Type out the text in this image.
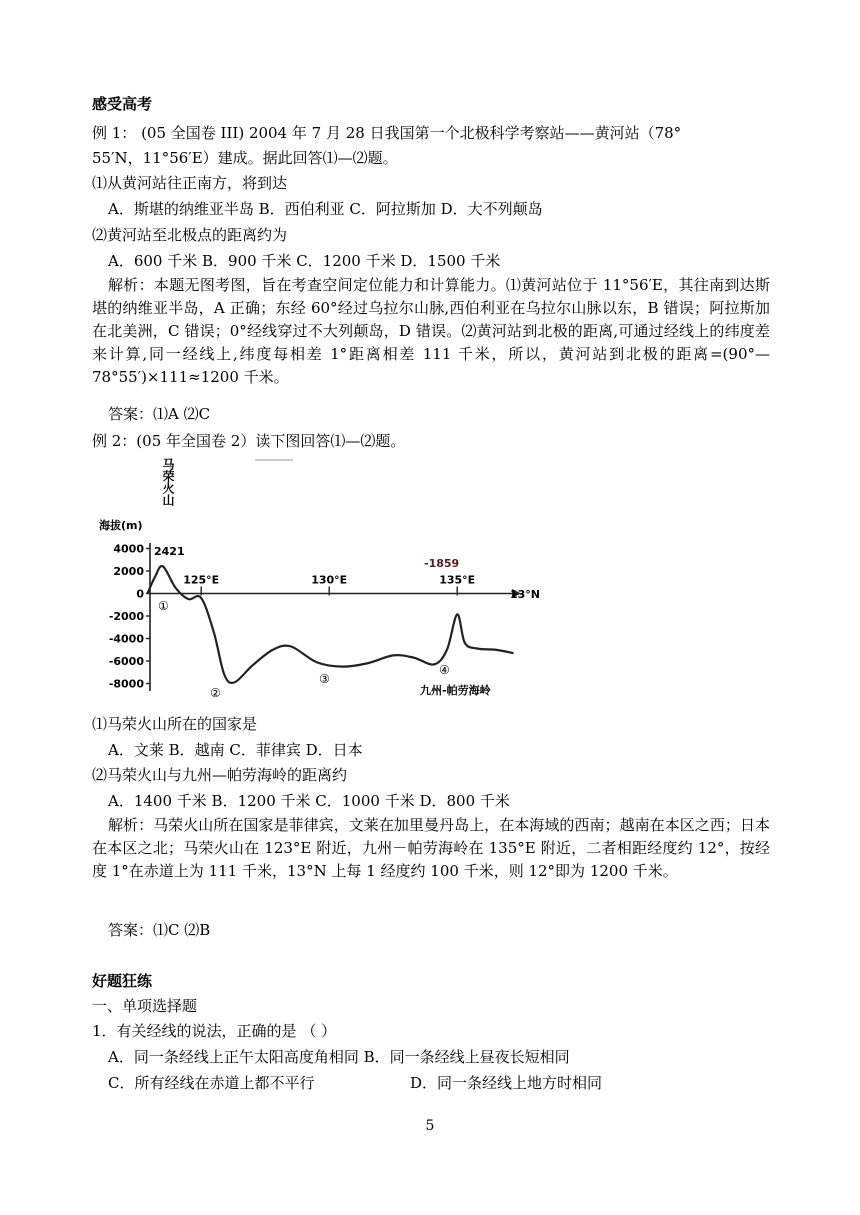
感受高考
例 1： (05 全国卷 III) 2004 年 7 月 28 日我国第一个北极科学考察站——黄河站（78°
55′N，11°56′E）建成。据此回答⑴—⑵题。
⑴从黄河站往正南方，将到达
A．斯堪的纳维亚半岛 B．西伯利亚 C．阿拉斯加 D．大不列颠岛
⑵黄河站至北极点的距离约为
A．600 千米 B．900 千米 C．1200 千米 D．1500 千米
解析：本题无图考图，旨在考查空间定位能力和计算能力。⑴黄河站位于 11°56′E，其往南到达斯堪的纳维亚半岛，A 正确；东经 60°经过乌拉尔山脉,西伯利亚在乌拉尔山脉以东，B 错误；阿拉斯加在北美洲，C 错误；0°经线穿过不大列颠岛，D 错误。⑵黄河站到北极的距离,可通过经线上的纬度差来计算,同一经线上,纬度每相差 1°距离相差 111 千米，所以，黄河站到北极的距离=(90°—78°55′)×111≈1200 千米。
答案：⑴A ⑵C
例 2：(05 年全国卷 2）读下图回答⑴—⑵题。
马荣火山
海拔(m)
4000
2000
0
-2000
-4000
-6000
-8000
13°N
125°E	130°E	135°E
2421
-1859
①
②
③
④
九州-帕劳海岭
⑴马荣火山所在的国家是
A．文莱 B．越南 C．菲律宾 D．日本
⑵马荣火山与九州—帕劳海岭的距离约
A．1400 千米 B．1200 千米 C．1000 千米 D．800 千米
解析：马荣火山所在国家是菲律宾，文莱在加里曼丹岛上，在本海域的西南；越南在本区之西；日本在本区之北；马荣火山在 123°E 附近，九州－帕劳海岭在 135°E 附近，二者相距经度约 12°，按经度 1°在赤道上为 111 千米，13°N 上每 1 经度约 100 千米，则 12°即为 1200 千米。
答案：⑴C ⑵B
好题狂练
一、单项选择题
1．有关经线的说法，正确的是 （ ）
A．同一条经线上正午太阳高度角相同 B．同一条经线上昼夜长短相同
C．所有经线在赤道上都不平行	D．同一条经线上地方时相同
5
